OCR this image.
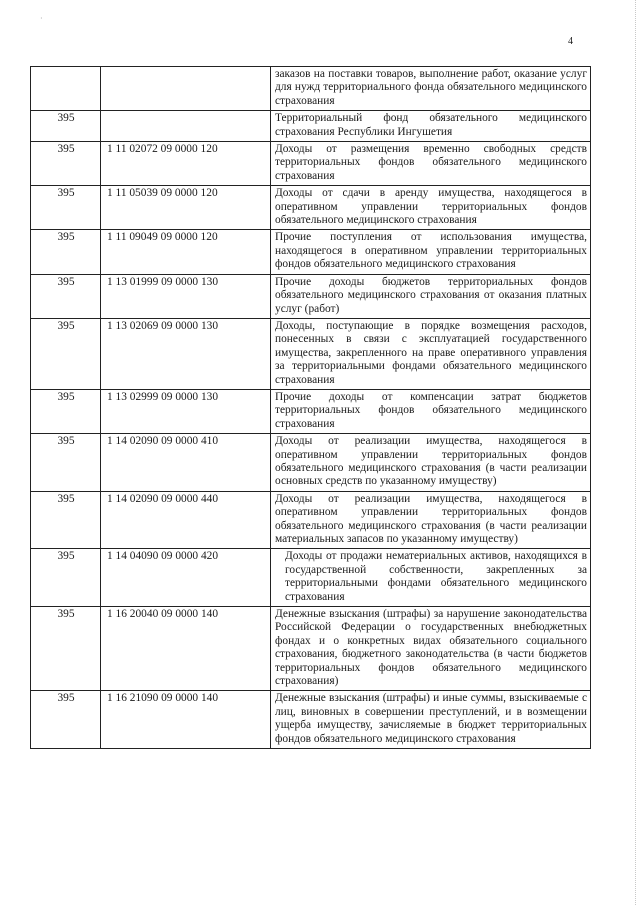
·
4
		заказов на поставки товаров, выполнение работ, оказание услуг для нужд территориального фонда обязательного медицинского страхования
395		Территориальный фонд обязательного медицинского страхования Республики Ингушетия
395	1 11 02072 09 0000 120	Доходы от размещения временно свободных средств территориальных фондов обязательного медицинского страхования
395	1 11 05039 09 0000 120	Доходы от сдачи в аренду имущества, находящегося в оперативном управлении территориальных фондов обязательного медицинского страхования
395	1 11 09049 09 0000 120	Прочие поступления от использования имущества, находящегося в оперативном управлении территориальных фондов обязательного медицинского страхования
395	1 13 01999 09 0000 130	Прочие доходы бюджетов территориальных фондов обязательного медицинского страхования от оказания платных услуг (работ)
395	1 13 02069 09 0000 130	Доходы, поступающие в порядке возмещения расходов, понесенных в связи с эксплуатацией государственного имущества, закрепленного на праве оперативного управления за территориальными фондами обязательного медицинского страхования
395	1 13 02999 09 0000 130	Прочие доходы от компенсации затрат бюджетов территориальных фондов обязательного медицинского страхования
395	1 14 02090 09 0000 410	Доходы от реализации имущества, находящегося в оперативном управлении территориальных фондов обязательного медицинского страхования (в части реализации основных средств по указанному имуществу)
395	1 14 02090 09 0000 440	Доходы от реализации имущества, находящегося в оперативном управлении территориальных фондов обязательного медицинского страхования (в части реализации материальных запасов по указанному имуществу)
395	1 14 04090 09 0000 420	Доходы от продажи нематериальных активов, находящихся в государственной собственности, закрепленных за территориальными фондами обязательного медицинского страхования
395	1 16 20040 09 0000 140	Денежные взыскания (штрафы) за нарушение законодательства Российской Федерации о государственных внебюджетных фондах и о конкретных видах обязательного социального страхования, бюджетного законодательства (в части бюджетов территориальных фондов обязательного медицинского страхования)
395	1 16 21090 09 0000 140	Денежные взыскания (штрафы) и иные суммы, взыскиваемые с лиц, виновных в совершении преступлений, и в возмещении ущерба имуществу, зачисляемые в бюджет территориальных фондов обязательного медицинского страхования
